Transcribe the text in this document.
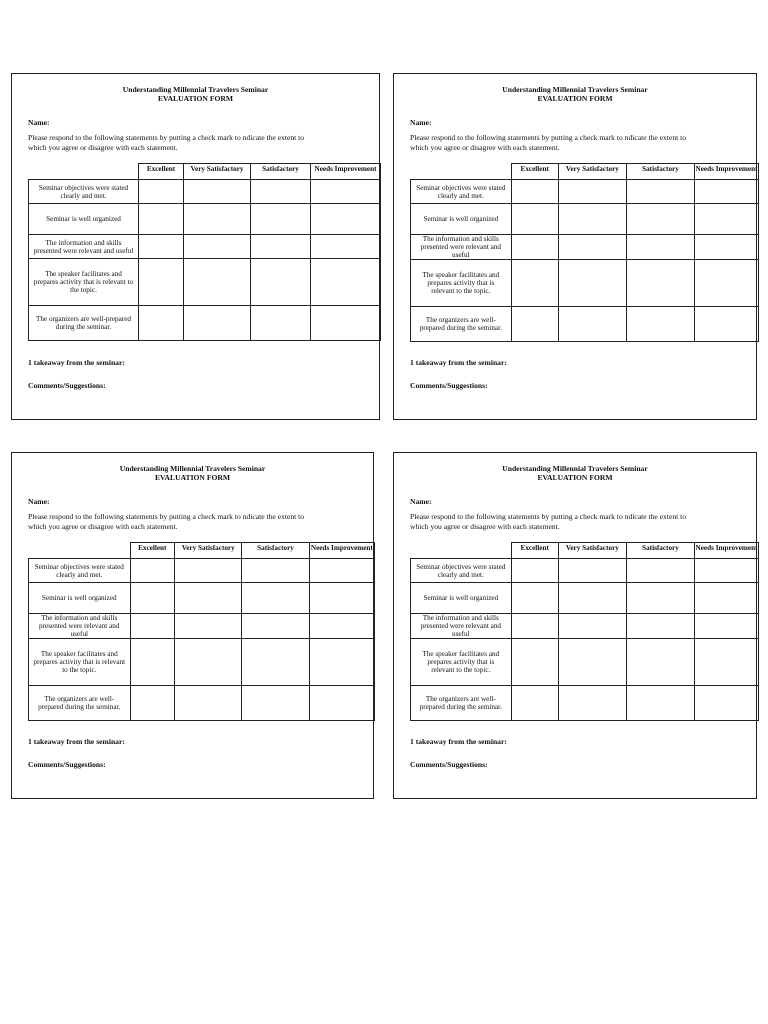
Understanding Millennial Travelers Seminar
EVALUATION FORM
Name:
Please respond to the following statements by putting a check mark to ndicate the extent to
which you agree or disagree with each statement.
	Excellent	Very Satisfactory	Satisfactory	Needs Improvement
Seminar objectives were stated clearly and met.				
Seminar is well organized				
The information and skills presented were relevant and useful				
The speaker facilitates and prepares activity that is relevant to the topic.				
The organizers are well-prepared during the seminar.				
1 takeaway from the seminar:
Comments/Suggestions:
Understanding Millennial Travelers Seminar
EVALUATION FORM
Name:
Please respond to the following statements by putting a check mark to ndicate the extent to
which you agree or disagree with each statement.
	Excellent	Very Satisfactory	Satisfactory	Needs Improvement
Seminar objectives were stated clearly and met.				
Seminar is well organized				
The information and skills presented were relevant and useful				
The speaker facilitates and prepares activity that is relevant to the topic.				
The organizers are well-prepared during the seminar.				
1 takeaway from the seminar:
Comments/Suggestions:
Understanding Millennial Travelers Seminar
EVALUATION FORM
Name:
Please respond to the following statements by putting a check mark to ndicate the extent to
which you agree or disagree with each statement.
	Excellent	Very Satisfactory	Satisfactory	Needs Improvement
Seminar objectives were stated clearly and met.				
Seminar is well organized				
The information and skills presented were relevant and useful				
The speaker facilitates and prepares activity that is relevant to the topic.				
The organizers are well-prepared during the seminar.				
1 takeaway from the seminar:
Comments/Suggestions:
Understanding Millennial Travelers Seminar
EVALUATION FORM
Name:
Please respond to the following statements by putting a check mark to ndicate the extent to
which you agree or disagree with each statement.
	Excellent	Very Satisfactory	Satisfactory	Needs Improvement
Seminar objectives were stated clearly and met.				
Seminar is well organized				
The information and skills presented were relevant and useful				
The speaker facilitates and prepares activity that is relevant to the topic.				
The organizers are well-prepared during the seminar.				
1 takeaway from the seminar:
Comments/Suggestions:
